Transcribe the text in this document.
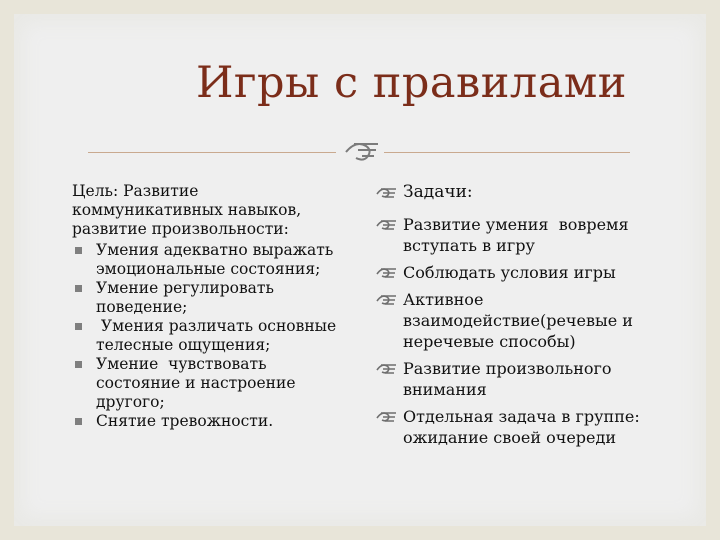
Игры с правилами
Цель: Развитие
коммуникативных навыков,
развитие произвольности:
Умения адекватно выражать
эмоциональные состояния;
Умение регулировать
поведение;
Умения различать основные
телесные ощущения;
Умение  чувствовать
состояние и настроение
другого;
Снятие тревожности.
Задачи:
Развитие умения  вовремя
вступать в игру
Соблюдать условия игры
Активное
взаимодействие(речевые и
неречевые способы)
Развитие произвольного
внимания
Отдельная задача в группе:
ожидание своей очереди
